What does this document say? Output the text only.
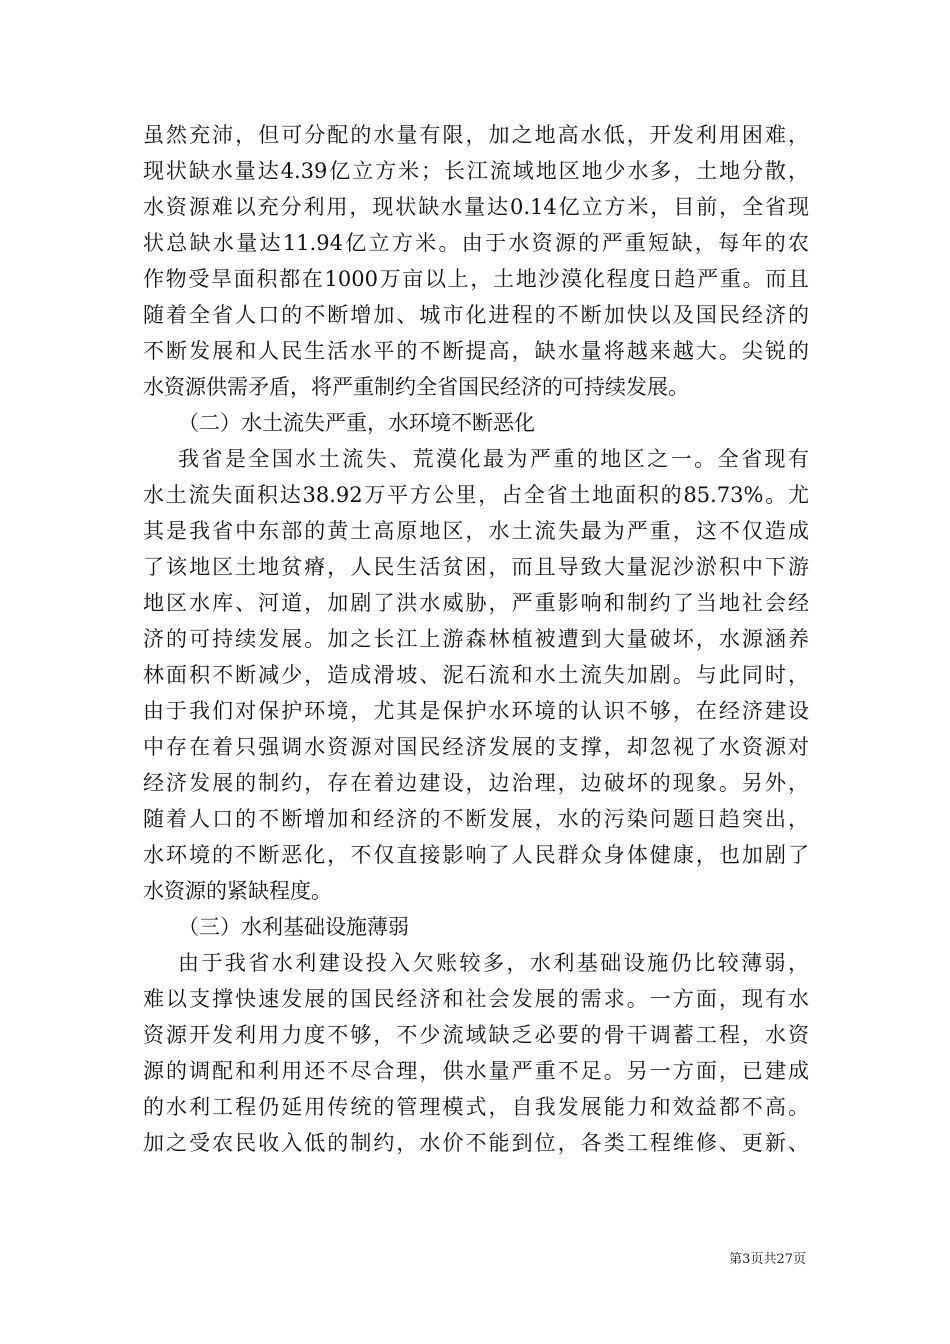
虽然充沛，但可分配的水量有限，加之地高水低，开发利用困难，
现状缺水量达4.39亿立方米；长江流域地区地少水多，土地分散，
水资源难以充分利用，现状缺水量达0.14亿立方米，目前，全省现
状总缺水量达11.94亿立方米。由于水资源的严重短缺，每年的农
作物受旱面积都在1000万亩以上，土地沙漠化程度日趋严重。而且
随着全省人口的不断增加、城市化进程的不断加快以及国民经济的
不断发展和人民生活水平的不断提高，缺水量将越来越大。尖锐的
水资源供需矛盾，将严重制约全省国民经济的可持续发展。
（二）水土流失严重，水环境不断恶化
我省是全国水土流失、荒漠化最为严重的地区之一。全省现有
水土流失面积达38.92万平方公里，占全省土地面积的85.73%。尤
其是我省中东部的黄土高原地区，水土流失最为严重，这不仅造成
了该地区土地贫瘠，人民生活贫困，而且导致大量泥沙淤积中下游
地区水库、河道，加剧了洪水威胁，严重影响和制约了当地社会经
济的可持续发展。加之长江上游森林植被遭到大量破坏，水源涵养
林面积不断减少，造成滑坡、泥石流和水土流失加剧。与此同时，
由于我们对保护环境，尤其是保护水环境的认识不够，在经济建设
中存在着只强调水资源对国民经济发展的支撑，却忽视了水资源对
经济发展的制约，存在着边建设，边治理，边破坏的现象。另外，
随着人口的不断增加和经济的不断发展，水的污染问题日趋突出，
水环境的不断恶化，不仅直接影响了人民群众身体健康，也加剧了
水资源的紧缺程度。
（三）水利基础设施薄弱
由于我省水利建设投入欠账较多，水利基础设施仍比较薄弱，
难以支撑快速发展的国民经济和社会发展的需求。一方面，现有水
资源开发利用力度不够，不少流域缺乏必要的骨干调蓄工程，水资
源的调配和利用还不尽合理，供水量严重不足。另一方面，已建成
的水利工程仍延用传统的管理模式，自我发展能力和效益都不高。
加之受农民收入低的制约，水价不能到位，各类工程维修、更新、
第3页共27页
